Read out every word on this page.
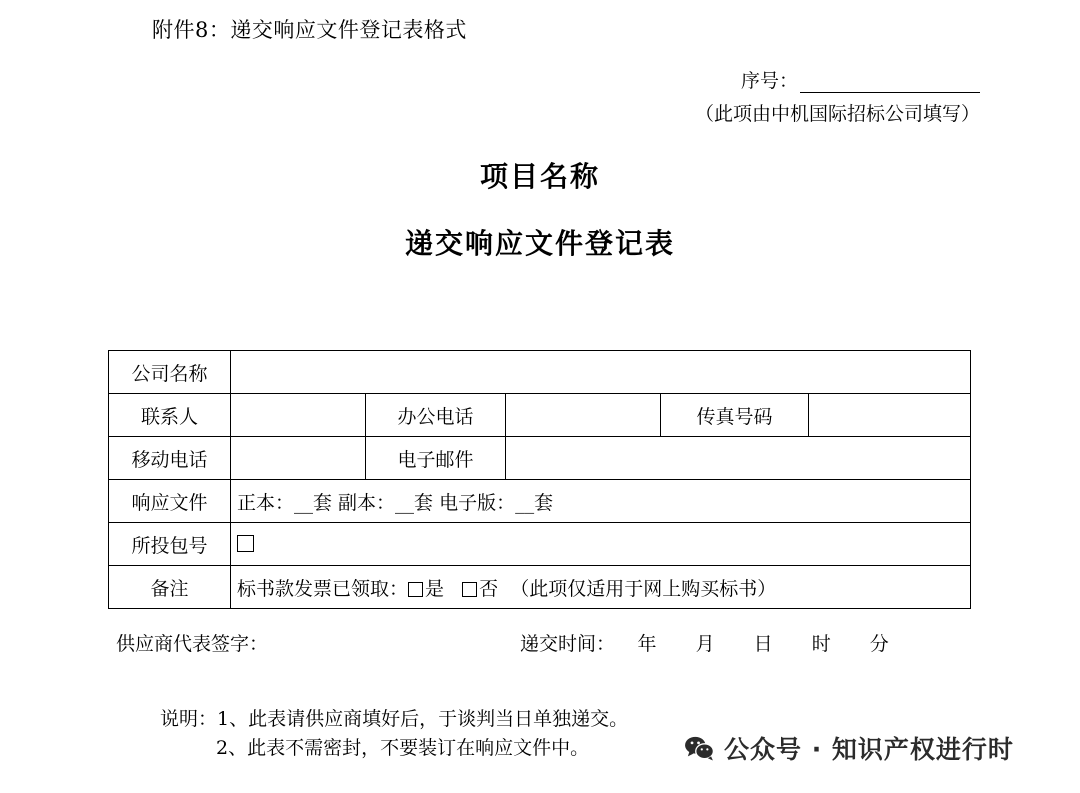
附件8：递交响应文件登记表格式
序号：
（此项由中机国际招标公司填写）
项目名称
递交响应文件登记表
公司名称					
联系人		办公电话		传真号码	
移动电话		电子邮件			
响应文件	正本：__套 副本：__套 电子版：__套				
所投包号					
备注	标书款发票已领取： 是 否 （此项仅适用于网上购买标书）				
供应商代表签字：	递交时间： 年 月 日 时 分
说明：1、此表请供应商填好后，于谈判当日单独递交。
2、此表不需密封，不要装订在响应文件中。	公众号 · 知识产权进行时
